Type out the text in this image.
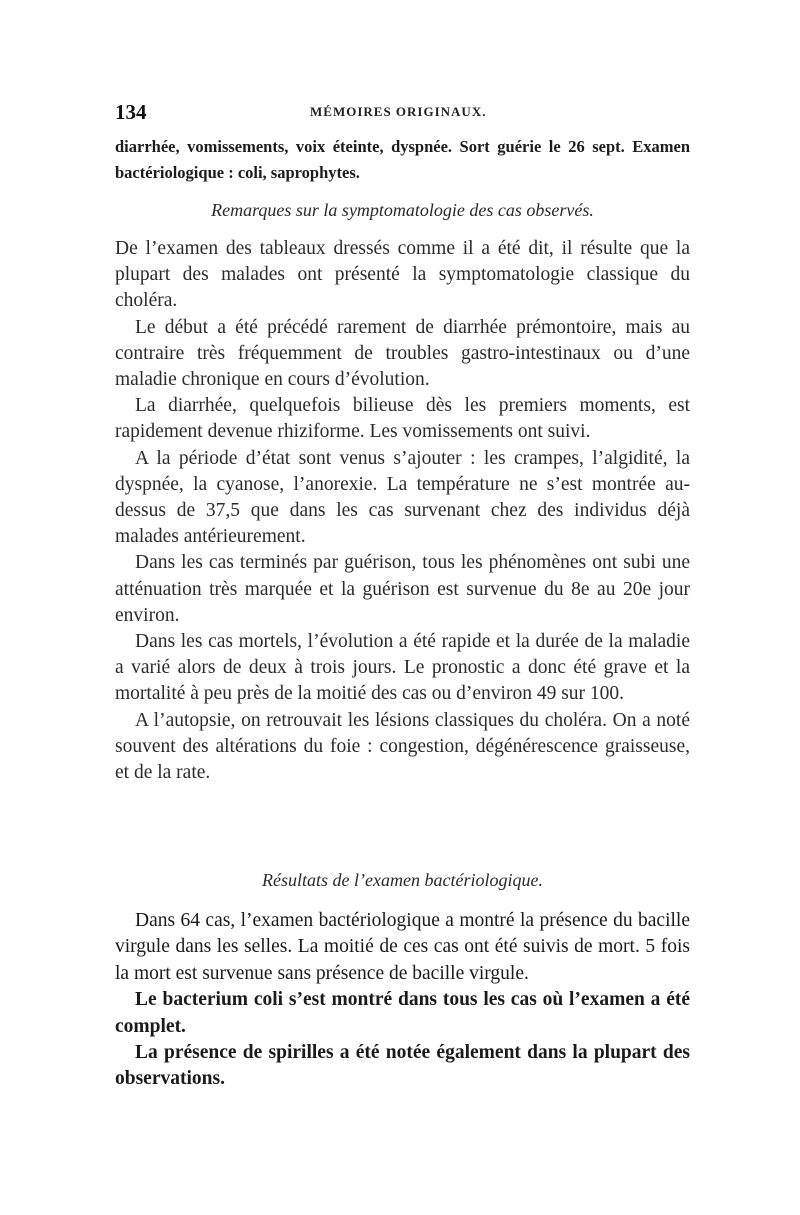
134	MÉMOIRES ORIGINAUX.

diarrhée, vomissements, voix éteinte, dyspnée. Sort guérie le 26 sept. Examen bactériologique : coli, saprophytes.

Remarques sur la symptomatologie des cas observés.

De l’examen des tableaux dressés comme il a été dit, il résulte que la plupart des malades ont présenté la symptomatologie classique du choléra.

Le début a été précédé rarement de diarrhée prémontoire, mais au contraire très fréquemment de troubles gastro-intestinaux ou d’une maladie chronique en cours d’évolution.

La diarrhée, quelquefois bilieuse dès les premiers moments, est rapidement devenue rhiziforme. Les vomissements ont suivi.

A la période d’état sont venus s’ajouter : les crampes, l’algidité, la dyspnée, la cyanose, l’anorexie. La température ne s’est montrée au-dessus de 37,5 que dans les cas survenant chez des individus déjà malades antérieurement.

Dans les cas terminés par guérison, tous les phénomènes ont subi une atténuation très marquée et la guérison est survenue du 8e au 20e jour environ.

Dans les cas mortels, l’évolution a été rapide et la durée de la maladie a varié alors de deux à trois jours. Le pronostic a donc été grave et la mortalité à peu près de la moitié des cas ou d’environ 49 sur 100.

A l’autopsie, on retrouvait les lésions classiques du choléra. On a noté souvent des altérations du foie : congestion, dégénérescence graisseuse, et de la rate.

Résultats de l’examen bactériologique.

Dans 64 cas, l’examen bactériologique a montré la présence du bacille virgule dans les selles. La moitié de ces cas ont été suivis de mort. 5 fois la mort est survenue sans présence de bacille virgule.

Le bacterium coli s’est montré dans tous les cas où l’examen a été complet.

La présence de spirilles a été notée également dans la plupart des observations.
